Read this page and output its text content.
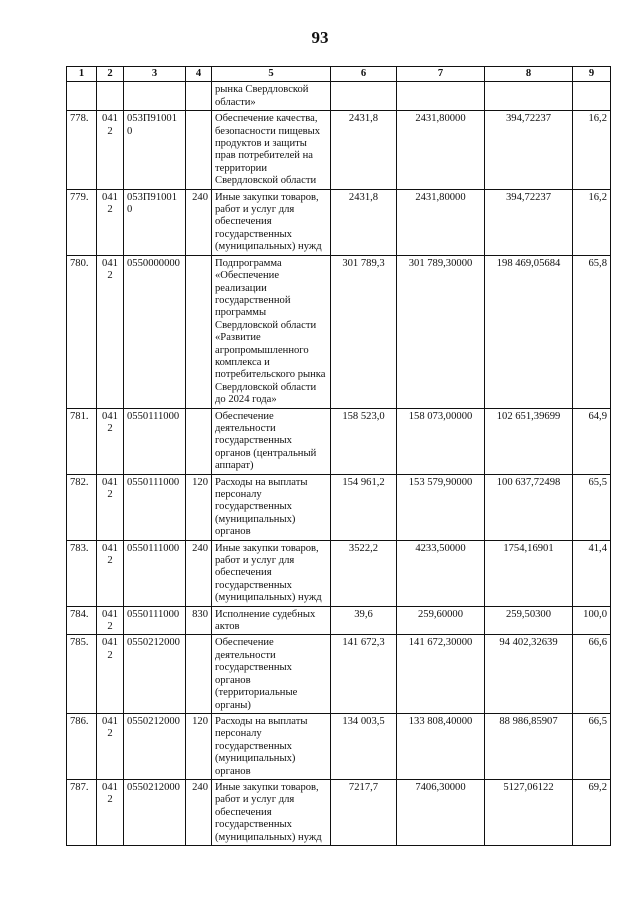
93
1	2	3	4	5	6	7	8	9
				рынка Свердловской области»				
778.	0412	053П910010		Обеспечение качества, безопасности пищевых продуктов и защиты прав потребителей на территории Свердловской области	2431,8	2431,80000	394,72237	16,2
779.	0412	053П910010	240	Иные закупки товаров, работ и услуг для обеспечения государственных (муниципальных) нужд	2431,8	2431,80000	394,72237	16,2
780.	0412	0550000000		Подпрограмма «Обеспечение реализации государственной программы Свердловской области «Развитие агропромышленного комплекса и потребительского рынка Свердловской области до 2024 года»	301 789,3	301 789,30000	198 469,05684	65,8
781.	0412	0550111000		Обеспечение деятельности государственных органов (центральный аппарат)	158 523,0	158 073,00000	102 651,39699	64,9
782.	0412	0550111000	120	Расходы на выплаты персоналу государственных (муниципальных) органов	154 961,2	153 579,90000	100 637,72498	65,5
783.	0412	0550111000	240	Иные закупки товаров, работ и услуг для обеспечения государственных (муниципальных) нужд	3522,2	4233,50000	1754,16901	41,4
784.	0412	0550111000	830	Исполнение судебных актов	39,6	259,60000	259,50300	100,0
785.	0412	0550212000		Обеспечение деятельности государственных органов (территориальные органы)	141 672,3	141 672,30000	94 402,32639	66,6
786.	0412	0550212000	120	Расходы на выплаты персоналу государственных (муниципальных) органов	134 003,5	133 808,40000	88 986,85907	66,5
787.	0412	0550212000	240	Иные закупки товаров, работ и услуг для обеспечения государственных (муниципальных) нужд	7217,7	7406,30000	5127,06122	69,2
